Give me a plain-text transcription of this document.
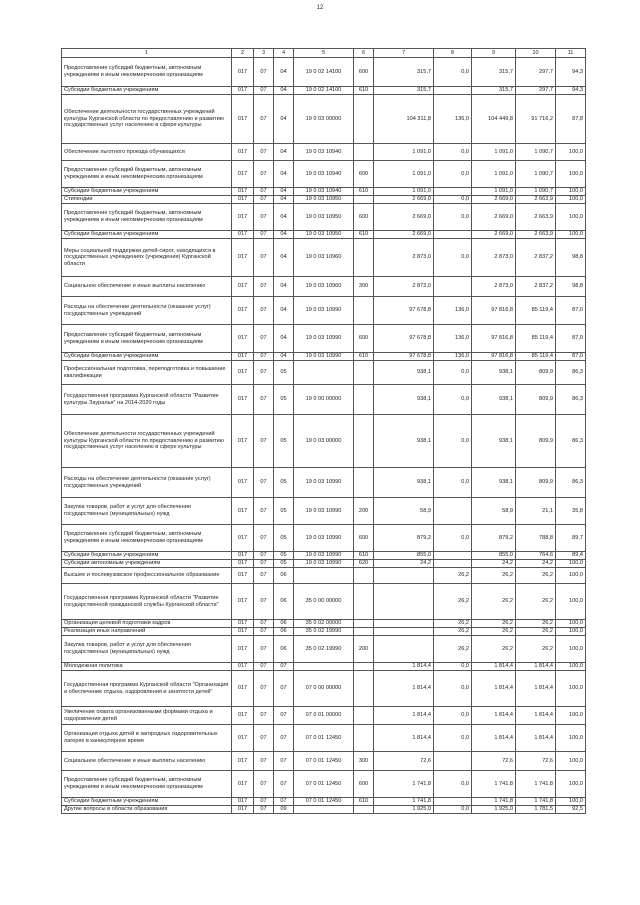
12
1	2	3	4	5	6	7	8	9	10	11
Предоставление субсидий бюджетным, автономным учреждениям и иным некоммерческим организациям	017	07	04	19 0 02 14100	600	315,7	0,0	315,7	297,7	94,3
Субсидии бюджетным учреждениям	017	07	04	19 0 02 14100	610	315,7		315,7	297,7	94,3
Обеспечение деятельности государственных учреждений культуры Курганской области по предоставлению и развитию государственных услуг населению в сфере культуры	017	07	04	19 0 03 00000		104 311,8	136,0	104 449,8	91 716,2	87,8
Обеспечение льготного проезда обучающихся	017	07	04	19 0 03 10940		1 091,0	0,0	1 091,0	1 090,7	100,0
Предоставление субсидий бюджетным, автономным учреждениям и иным некоммерческим организациям	017	07	04	19 0 03 10940	600	1 091,0	0,0	1 091,0	1 090,7	100,0
Субсидии бюджетным учреждениям	017	07	04	19 0 03 10940	610	1 091,0		1 091,0	1 090,7	100,0
Стипендии	017	07	04	19 0 03 10950		2 669,0	0,0	2 669,0	2 663,9	100,0
Предоставление субсидий бюджетным, автономным учреждениям и иным некоммерческим организациям	017	07	04	19 0 03 10950	600	2 669,0	0,0	2 669,0	2 663,9	100,0
Субсидии бюджетным учреждениям	017	07	04	19 0 03 10950	610	2 669,0		2 669,0	2 663,9	100,0
Меры социальной поддержки детей-сирот, находящихся в государственных учреждениях (учреждения) Курганской области	017	07	04	19 0 03 10960		2 873,0	0,0	2 873,0	2 837,2	98,8
Социальное обеспечение и иные выплаты населению	017	07	04	19 0 03 10960	300	2 873,0		2 873,0	2 837,2	98,8
Расходы на обеспечение деятельности (оказание услуг) государственных учреждений	017	07	04	19 0 03 10990		97 678,8	136,0	97 816,8	85 119,4	87,0
Предоставление субсидий бюджетным, автономным учреждениям и иным некоммерческим организациям	017	07	04	19 0 03 10990	600	97 678,8	136,0	97 816,8	85 119,4	87,0
Субсидии бюджетным учреждениям	017	07	04	19 0 03 10990	610	97 678,8	136,0	97 816,8	85 119,4	87,0
Профессиональная подготовка, переподготовка и повышение квалификации	017	07	05			938,1	0,0	938,1	809,9	86,3
Государственная программа Курганской области "Развитие культуры Зауралья" на 2014-2020 годы	017	07	05	19 0 00 00000		938,1	0,0	938,1	809,9	86,3
Обеспечение деятельности государственных учреждений культуры Курганской области по предоставлению и развитию государственных услуг населению в сфере культуры	017	07	05	19 0 03 00000		938,1	0,0	938,1	809,9	86,3
Расходы на обеспечение деятельности (оказание услуг) государственных учреждений	017	07	05	19 0 03 10990		938,1	0,0	938,1	809,9	86,3
Закупка товаров, работ и услуг для обеспечения государственных (муниципальных) нужд	017	07	05	19 0 03 10990	200	58,9		58,9	21,1	35,8
Предоставление субсидий бюджетным, автономным учреждениям и иным некоммерческим организациям	017	07	05	19 0 03 10990	600	879,2	0,0	879,2	788,8	89,7
Субсидии бюджетным учреждениям	017	07	05	19 0 03 10990	610	855,0		855,0	764,6	89,4
Субсидии автономным учреждениям	017	07	05	19 0 03 10990	620	24,2		24,2	24,2	100,0
Высшее и послевузовское профессиональное образование	017	07	06				26,2	26,2	26,2	100,0
Государственная программа Курганской области "Развитие государственной гражданской службы Курганской области"	017	07	06	35 0 00 00000			26,2	26,2	26,2	100,0
Организация целевой подготовки кадров	017	07	06	35 0 02 00000			26,2	26,2	26,2	100,0
Реализация иных направлений	017	07	06	35 0 02 19990			26,2	26,2	26,2	100,0
Закупка товаров, работ и услуг для обеспечения государственных (муниципальных) нужд	017	07	06	35 0 02 19990	200		26,2	26,2	26,2	100,0
Молодежная политика	017	07	07			1 814,4	0,0	1 814,4	1 814,4	100,0
Государственная программа Курганской области "Организация и обеспечение отдыха, оздоровления и занятости детей"	017	07	07	07 0 00 00000		1 814,4	0,0	1 814,4	1 814,4	100,0
Увеличение охвата организованными формами отдыха и оздоровления детей	017	07	07	07 0 01 00000		1 814,4	0,0	1 814,4	1 814,4	100,0
Организация отдыха детей в загородных оздоровительных лагерях в каникулярное время	017	07	07	07 0 01 12450		1 814,4	0,0	1 814,4	1 814,4	100,0
Социальное обеспечение и иные выплаты населению	017	07	07	07 0 01 12450	300	72,6		72,6	72,6	100,0
Предоставление субсидий бюджетным, автономным учреждениям и иным некоммерческим организациям	017	07	07	07 0 01 12450	600	1 741,8	0,0	1 741,8	1 741,8	100,0
Субсидии бюджетным учреждениям	017	07	07	07 0 01 12450	610	1 741,8		1 741,8	1 741,8	100,0
Другие вопросы в области образования	017	07	09			1 925,0	0,0	1 925,0	1 781,5	92,5
